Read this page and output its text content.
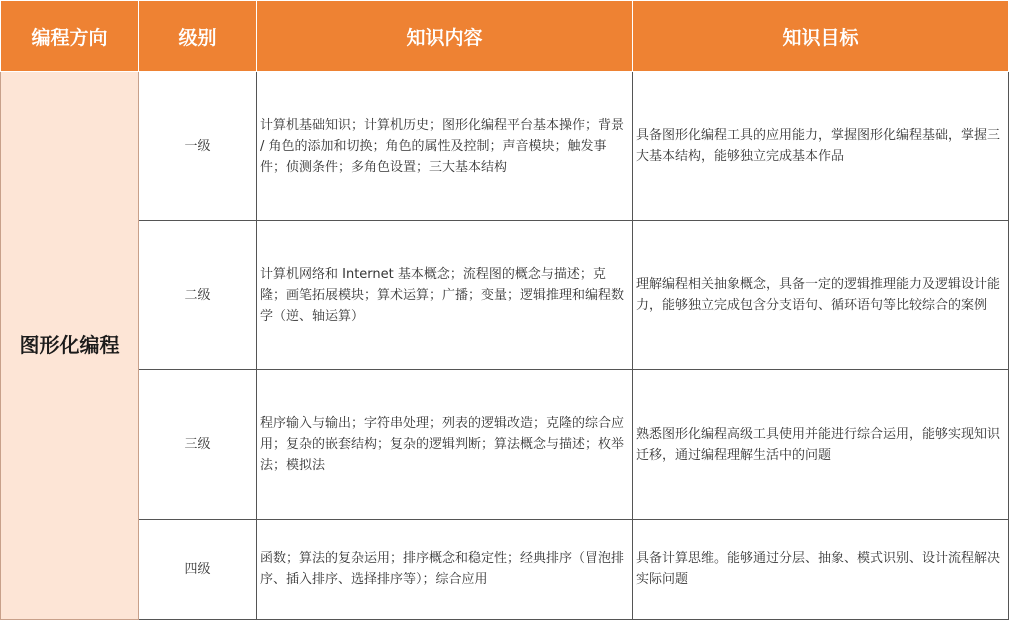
编程方向	级别	知识内容	知识目标
图形化编程	一级	计算机基础知识；计算机历史；图形化编程平台基本操作；背景 / 角色的添加和切换；角色的属性及控制；声音模块；触发事件；侦测条件；多角色设置；三大基本结构	具备图形化编程工具的应用能力，掌握图形化编程基础，掌握三大基本结构，能够独立完成基本作品
	二级	计算机网络和 Internet 基本概念；流程图的概念与描述；克隆；画笔拓展模块；算术运算；广播；变量；逻辑推理和编程数学（逆、轴运算）	理解编程相关抽象概念，具备一定的逻辑推理能力及逻辑设计能力，能够独立完成包含分支语句、循环语句等比较综合的案例
	三级	程序输入与输出；字符串处理；列表的逻辑改造；克隆的综合应用；复杂的嵌套结构；复杂的逻辑判断；算法概念与描述；枚举法；模拟法	熟悉图形化编程高级工具使用并能进行综合运用，能够实现知识迁移，通过编程理解生活中的问题
	四级	函数；算法的复杂运用；排序概念和稳定性；经典排序（冒泡排序、插入排序、选择排序等）；综合应用	具备计算思维。能够通过分层、抽象、模式识别、设计流程解决实际问题
